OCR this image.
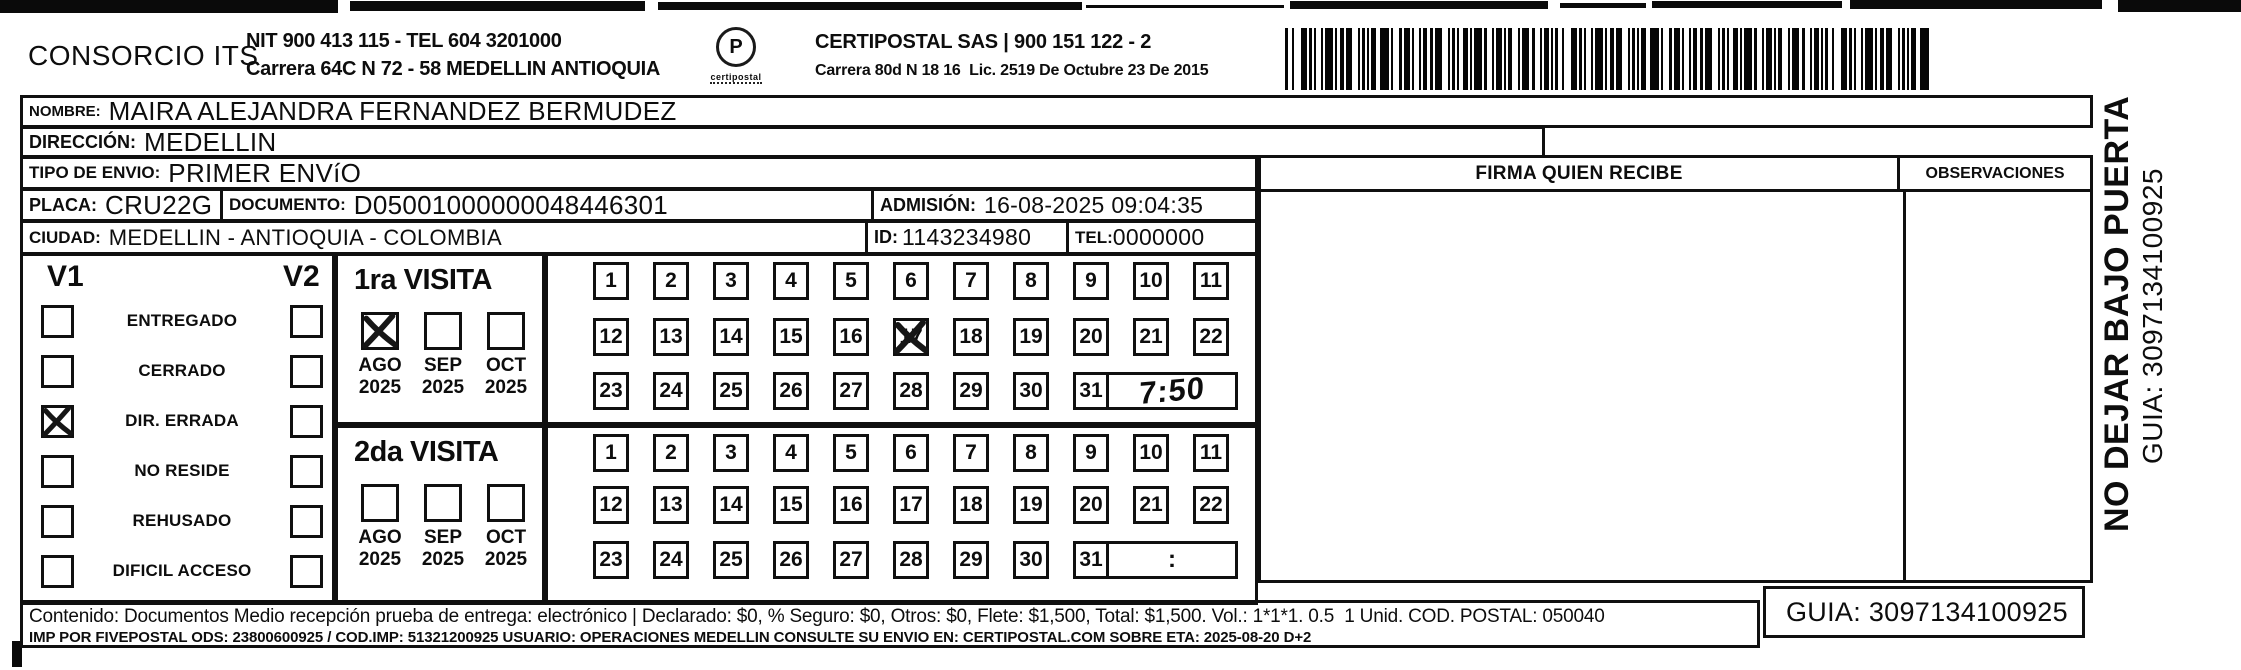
CONSORCIO ITS
NIT 900 413 115 - TEL 604 3201000
Carrera 64C N 72 - 58 MEDELLIN ANTIOQUIA
P
certipostal
CERTIPOSTAL SAS | 900 151 122 - 2
Carrera 80d N 18 16  Lic. 2519 De Octubre 23 De 2015
NOMBRE: MAIRA ALEJANDRA FERNANDEZ BERMUDEZ
DIRECCIÓN: MEDELLIN
TIPO DE ENVIO: PRIMER ENVíO
PLACA: CRU22G DOCUMENTO: D05001000000048446301	ADMISIÓN: 16-08-2025 09:04:35
CIUDAD: MEDELLIN - ANTIOQUIA - COLOMBIA	ID: 1143234980	TEL: 0000000
V1	V2
ENTREGADO
CERRADO
DIR. ERRADA
NO RESIDE
REHUSADO
DIFICIL ACCESO
1ra VISITA
AGO
2025
SEP
2025
OCT
2025
1	2	3	4	5	6	7	8	9	10	11
12	13	14	15	16	17	18	19	20	21	22
23	24	25	26	27	28	29	30	31 7:50
2da VISITA
AGO
2025
SEP
2025
OCT
2025
1	2	3	4	5	6	7	8	9	10	11
12	13	14	15	16	17	18	19	20	21	22
23	24	25	26	27	28	29	30	31	:
FIRMA QUIEN RECIBE	OBSERVACIONES
Contenido: Documentos Medio recepción prueba de entrega: electrónico | Declarado: $0, % Seguro: $0, Otros: $0, Flete: $1,500, Total: $1,500. Vol.: 1*1*1. 0.5  1 Unid. COD. POSTAL: 050040
IMP POR FIVEPOSTAL ODS: 23800600925 / COD.IMP: 51321200925 USUARIO: OPERACIONES MEDELLIN CONSULTE SU ENVIO EN: CERTIPOSTAL.COM SOBRE ETA: 2025-08-20 D+2
GUIA: 3097134100925
NO DEJAR BAJO PUERTA GUIA: 3097134100925
